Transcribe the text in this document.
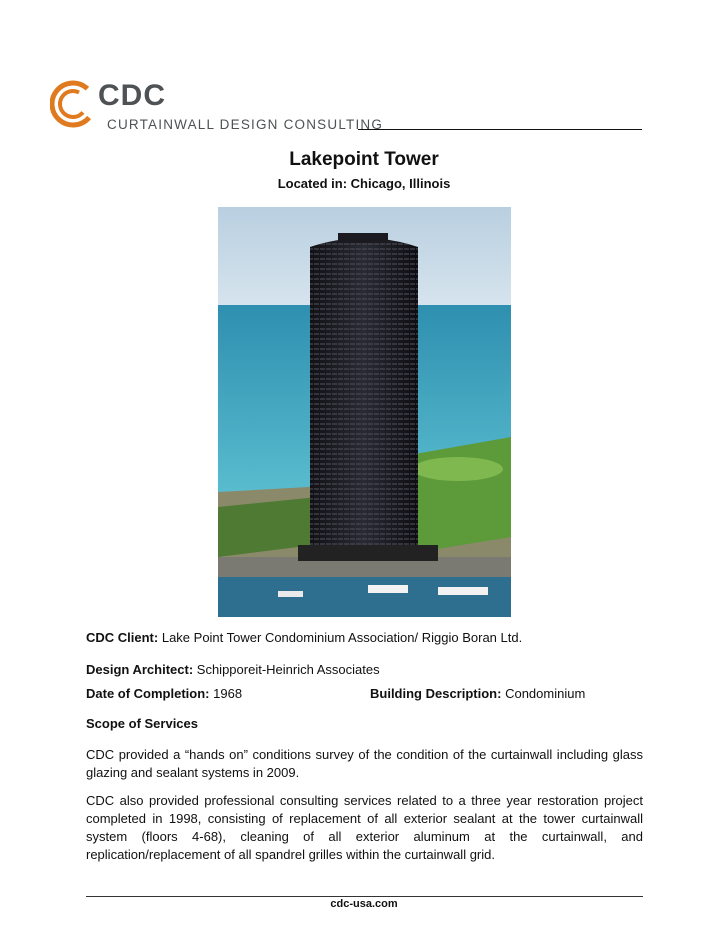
CDC
CURTAINWALL DESIGN CONSULTING
Lakepoint Tower
Located in: Chicago, Illinois
CDC Client: Lake Point Tower Condominium Association/ Riggio Boran Ltd.
Design Architect: Schipporeit-Heinrich Associates
Date of Completion: 1968	Building Description: Condominium
Scope of Services
CDC provided a “hands on” conditions survey of the condition of the curtainwall including glass
glazing and sealant systems in 2009.
CDC also provided professional consulting services related to a three year restoration project
completed in 1998, consisting of replacement of all exterior sealant at the tower curtainwall
system (floors 4-68), cleaning of all exterior aluminum at the curtainwall, and
replication/replacement of all spandrel grilles within the curtainwall grid.
cdc-usa.com
